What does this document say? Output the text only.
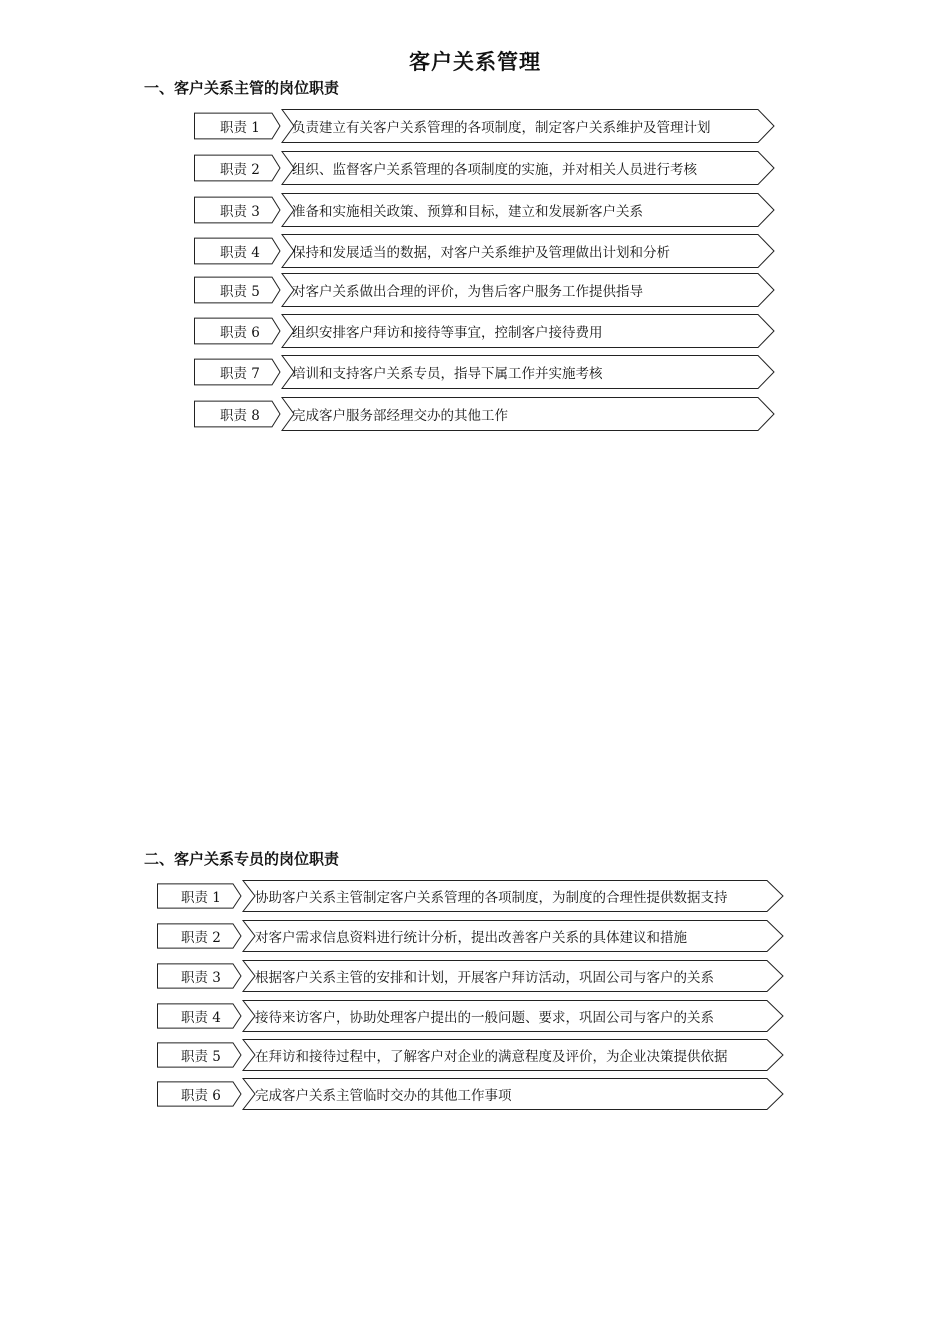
客户关系管理
一、客户关系主管的岗位职责
职责 1 负责建立有关客户关系管理的各项制度，制定客户关系维护及管理计划
职责 2 组织、监督客户关系管理的各项制度的实施，并对相关人员进行考核
职责 3 准备和实施相关政策、预算和目标，建立和发展新客户关系
职责 4 保持和发展适当的数据，对客户关系维护及管理做出计划和分析
职责 5 对客户关系做出合理的评价，为售后客户服务工作提供指导
职责 6 组织安排客户拜访和接待等事宜，控制客户接待费用
职责 7 培训和支持客户关系专员，指导下属工作并实施考核
职责 8 完成客户服务部经理交办的其他工作
二、客户关系专员的岗位职责
职责 1	协助客户关系主管制定客户关系管理的各项制度，为制度的合理性提供数据支持
职责 2	对客户需求信息资料进行统计分析，提出改善客户关系的具体建议和措施
职责 3	根据客户关系主管的安排和计划，开展客户拜访活动，巩固公司与客户的关系
职责 4	接待来访客户，协助处理客户提出的一般问题、要求，巩固公司与客户的关系
职责 5	在拜访和接待过程中，了解客户对企业的满意程度及评价，为企业决策提供依据
职责 6	完成客户关系主管临时交办的其他工作事项
